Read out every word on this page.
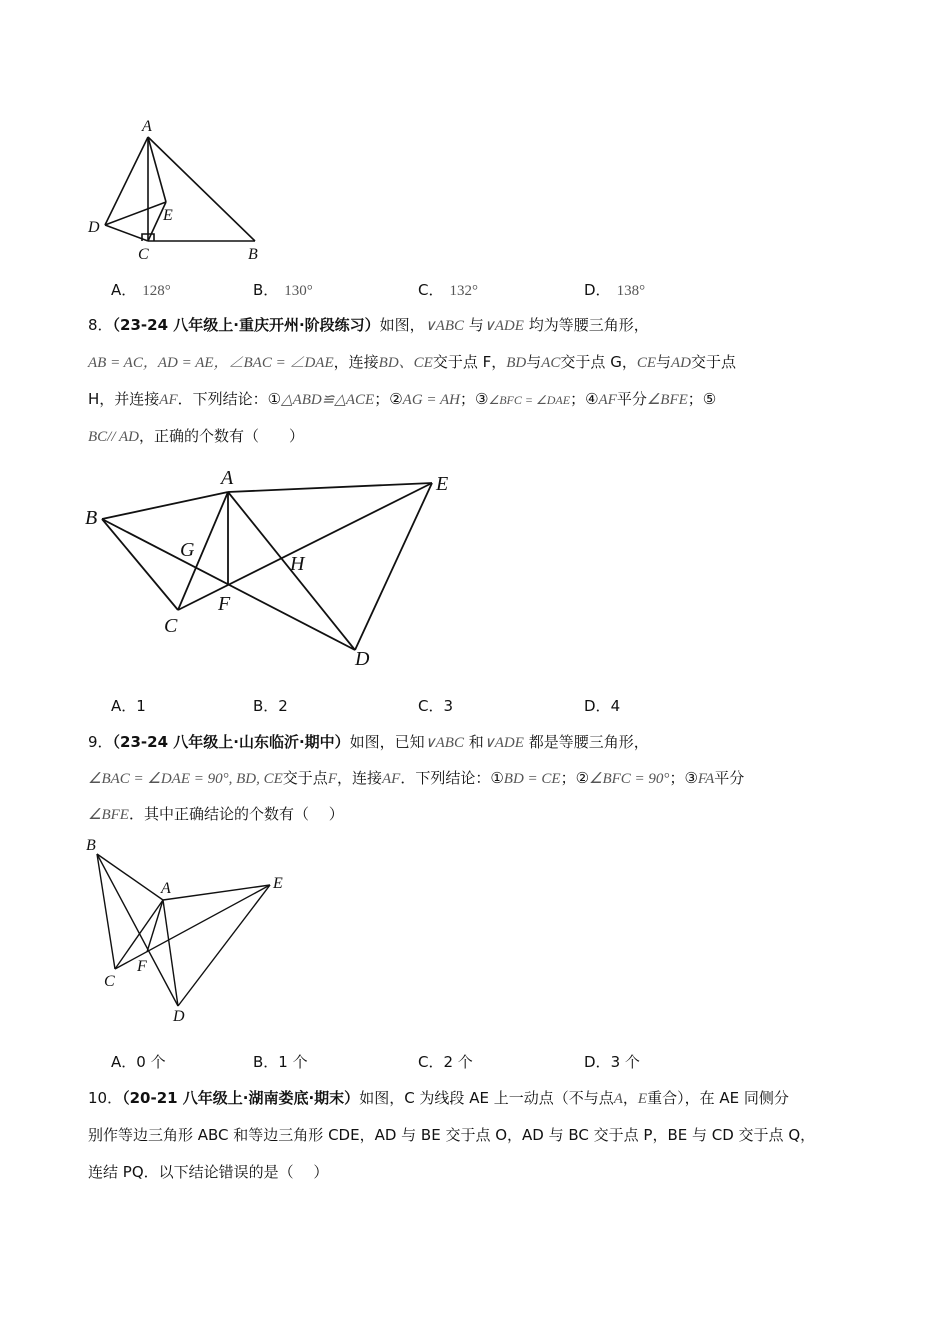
A
D
E
C	B
A． 128°	B． 130°	C． 132°	D． 138°
8．（23-24 八年级上·重庆开州·阶段练习）如图，∨ABC 与∨ADE 均为等腰三角形，
AB = AC，AD = AE，∠BAC = ∠DAE，连接BD、CE交于点 F，BD与AC交于点 G，CE与AD交于点
H，并连接AF．下列结论：①△ABD≌△ACE；②AG = AH；③∠BFC = ∠DAE；④AF平分∠BFE；⑤
BC// AD，正确的个数有（　　）
A	E
B
G
H
F
C
D
A．1	B．2	C．3	D．4
9．（23-24 八年级上·山东临沂·期中）如图，已知∨ABC 和∨ADE 都是等腰三角形，
∠BAC = ∠DAE = 90°, BD, CE交于点F，连接AF．下列结论：①BD = CE；②∠BFC = 90°；③FA平分
∠BFE．其中正确结论的个数有（　 ）
B
A	E
F
C
D
A．0 个	B．1 个	C．2 个	D．3 个
10．（20-21 八年级上·湖南娄底·期末）如图，C 为线段 AE 上一动点（不与点A，E重合），在 AE 同侧分
别作等边三角形 ABC 和等边三角形 CDE，AD 与 BE 交于点 O，AD 与 BC 交于点 P，BE 与 CD 交于点 Q，
连结 PQ．以下结论错误的是（　 ）
